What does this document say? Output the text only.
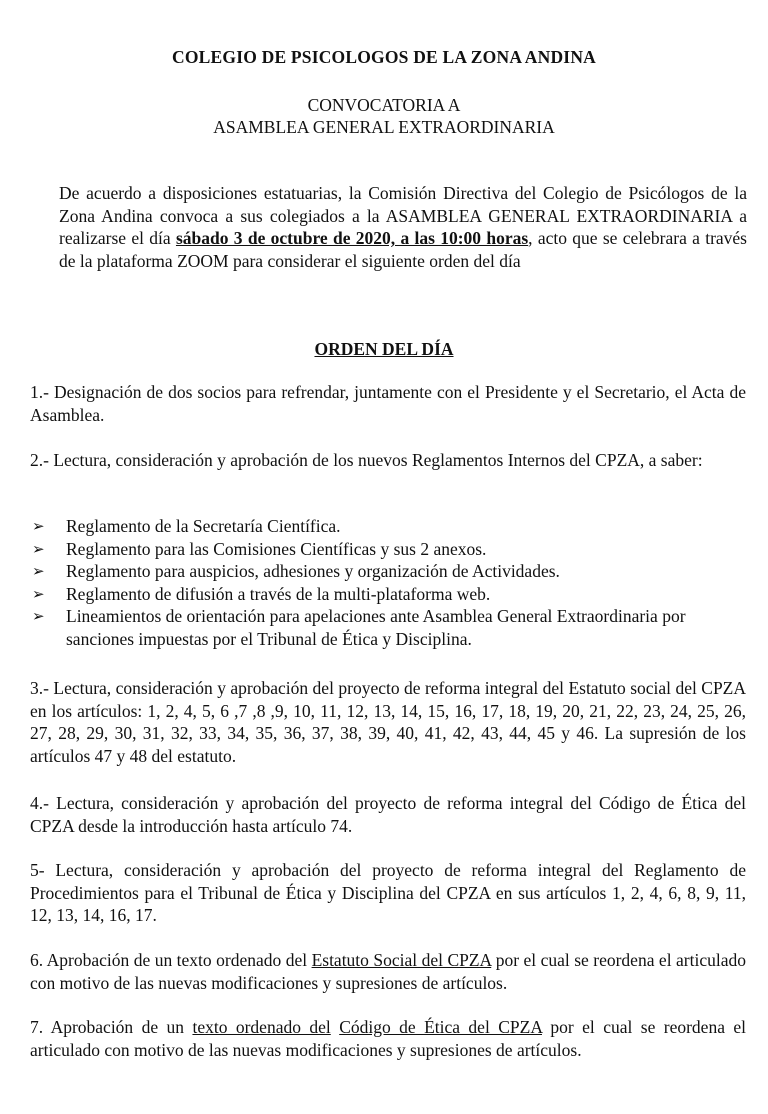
COLEGIO DE PSICOLOGOS DE LA ZONA ANDINA
CONVOCATORIA A
ASAMBLEA GENERAL EXTRAORDINARIA
De acuerdo a disposiciones estatuarias, la Comisión Directiva del Colegio de Psicólogos de la Zona Andina convoca a sus colegiados a la ASAMBLEA GENERAL EXTRAORDINARIA a realizarse el día sábado 3 de octubre de 2020, a las 10:00 horas, acto que se celebrara a través de la plataforma ZOOM para considerar el siguiente orden del día
ORDEN DEL DÍA
1.- Designación de dos socios para refrendar, juntamente con el Presidente y el Secretario, el Acta de Asamblea.
2.- Lectura, consideración y aprobación de los nuevos Reglamentos Internos del CPZA, a saber:
➢ Reglamento de la Secretaría Científica.
➢ Reglamento para las Comisiones Científicas y sus 2 anexos.
➢ Reglamento para auspicios, adhesiones y organización de Actividades.
➢ Reglamento de difusión a través de la multi-plataforma web.
➢ Lineamientos de orientación para apelaciones ante Asamblea General Extraordinaria por sanciones impuestas por el Tribunal de Ética y Disciplina.
3.- Lectura, consideración y aprobación del proyecto de reforma integral del Estatuto social del CPZA en los artículos: 1, 2, 4, 5, 6 ,7 ,8 ,9, 10, 11, 12, 13, 14, 15, 16, 17, 18, 19, 20, 21, 22, 23, 24, 25, 26, 27, 28, 29, 30, 31, 32, 33, 34, 35, 36, 37, 38, 39, 40, 41, 42, 43, 44, 45 y 46. La supresión de los artículos 47 y 48 del estatuto.
4.- Lectura, consideración y aprobación del proyecto de reforma integral del Código de Ética del CPZA desde la introducción hasta artículo 74.
5- Lectura, consideración y aprobación del proyecto de reforma integral del Reglamento de Procedimientos para el Tribunal de Ética y Disciplina del CPZA en sus artículos 1, 2, 4, 6, 8, 9, 11, 12, 13, 14, 16, 17.
6. Aprobación de un texto ordenado del Estatuto Social del CPZA por el cual se reordena el articulado con motivo de las nuevas modificaciones y supresiones de artículos.
7. Aprobación de un texto ordenado del Código de Ética del CPZA por el cual se reordena el articulado con motivo de las nuevas modificaciones y supresiones de artículos.
